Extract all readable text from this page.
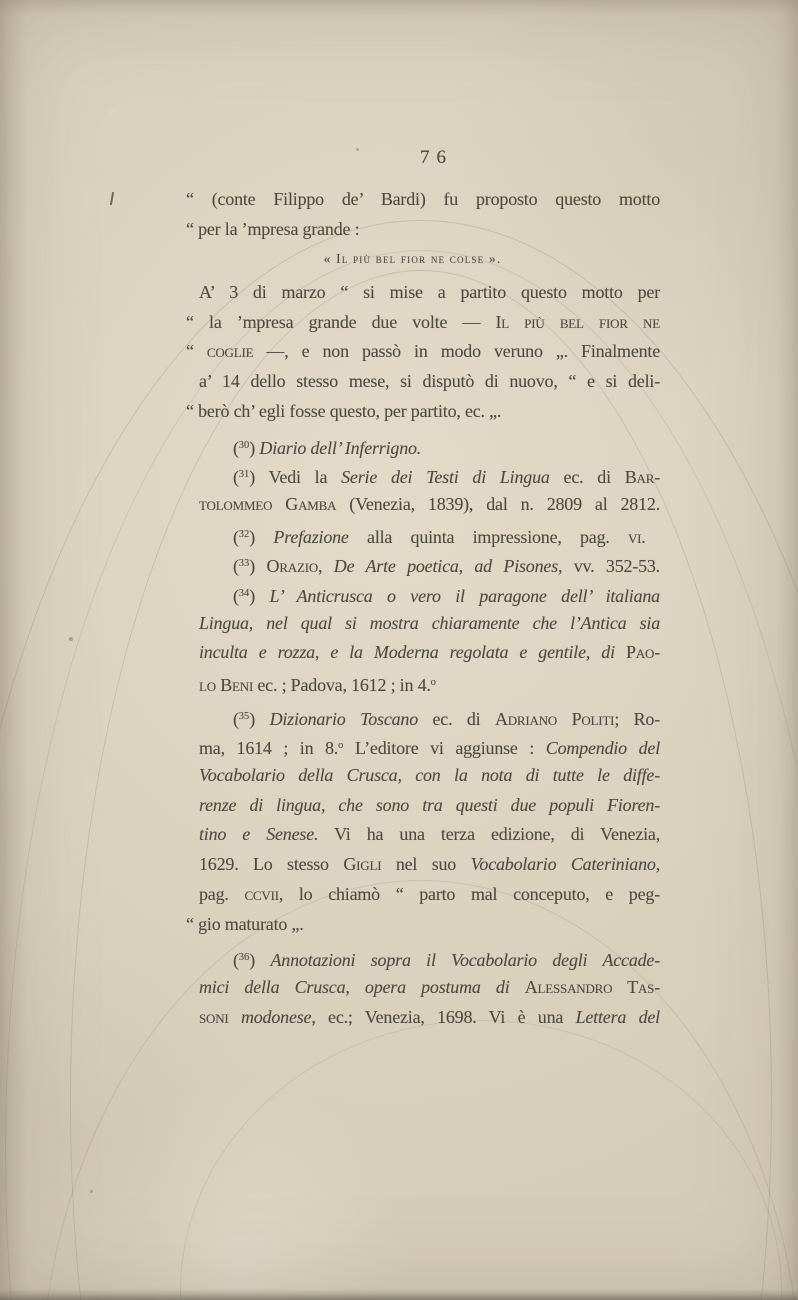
76
“ (conte Filippo de’ Bardi) fu proposto questo motto
“ per la ’mpresa grande :
« Il più bel fior ne colse ».
A’ 3 di marzo “ si mise a partito questo motto per
“ la ’mpresa grande due volte — Il più bel fior ne
“ coglie —, e non passò in modo veruno „. Finalmente
a’ 14 dello stesso mese, si disputò di nuovo, “ e si deli-
“ berò ch’ egli fosse questo, per partito, ec. „.
($^{30}$) Diario dell’ Inferrigno.
($^{31}$) Vedi la Serie dei Testi di Lingua ec. di Bar-
tolommeo Gamba (Venezia, 1839), dal n. 2809 al 2812.
($^{32}$) Prefazione alla quinta impressione, pag. vi.
($^{33}$) Orazio, De Arte poetica, ad Pisones, vv. 352-53.
($^{34}$) L’ Anticrusca o vero il paragone dell’ italiana
Lingua, nel qual si mostra chiaramente che l’Antica sia
inculta e rozza, e la Moderna regolata e gentile, di Pao-
lo Beni ec. ; Padova, 1612 ; in 4.$^o$
($^{35}$) Dizionario Toscano ec. di Adriano Politi; Ro-
ma, 1614 ; in 8.$^o$ L’editore vi aggiunse : Compendio del
Vocabolario della Crusca, con la nota di tutte le diffe-
renze di lingua, che sono tra questi due populi Fioren-
tino e Senese. Vi ha una terza edizione, di Venezia,
1629. Lo stesso Gigli nel suo Vocabolario Cateriniano,
pag. ccvii, lo chiamò “ parto mal conceputo, e peg-
“ gio maturato „.
($^{36}$) Annotazioni sopra il Vocabolario degli Accade-
mici della Crusca, opera postuma di Alessandro Tas-
soni modonese, ec.; Venezia, 1698. Vi è una Lettera del
